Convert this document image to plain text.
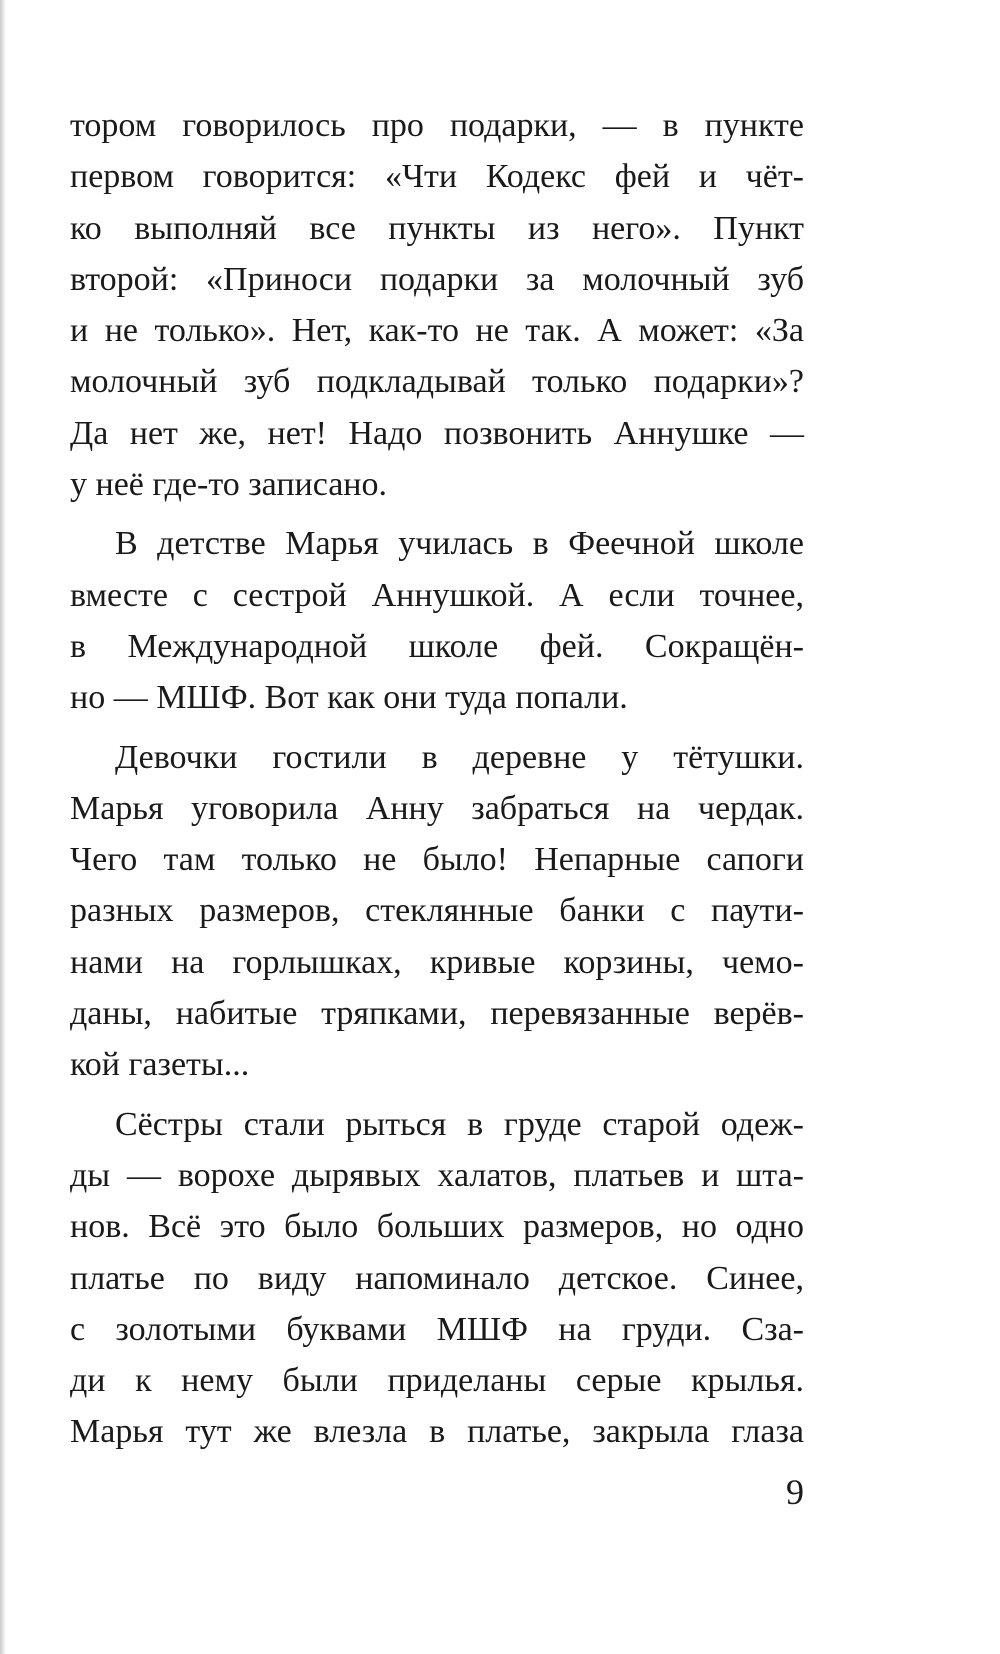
тором говорилось про подарки, — в пункте
первом говорится: «Чти Кодекс фей и чёт-
ко выполняй все пункты из него». Пункт
второй: «Приноси подарки за молочный зуб
и не только». Нет, как-то не так. А может: «За
молочный зуб подкладывай только подарки»?
Да нет же, нет! Надо позвонить Аннушке —
у неё где-то записано.
В детстве Марья училась в Феечной школе
вместе с сестрой Аннушкой. А если точнее,
в Международной школе фей. Сокращён-
но — МШФ. Вот как они туда попали.
Девочки гостили в деревне у тётушки.
Марья уговорила Анну забраться на чердак.
Чего там только не было! Непарные сапоги
разных размеров, стеклянные банки с паути-
нами на горлышках, кривые корзины, чемо-
даны, набитые тряпками, перевязанные верёв-
кой газеты...
Сёстры стали рыться в груде старой одеж-
ды — ворохе дырявых халатов, платьев и шта-
нов. Всё это было больших размеров, но одно
платье по виду напоминало детское. Синее,
с золотыми буквами МШФ на груди. Сза-
ди к нему были приделаны серые крылья.
Марья тут же влезла в платье, закрыла глаза
9
